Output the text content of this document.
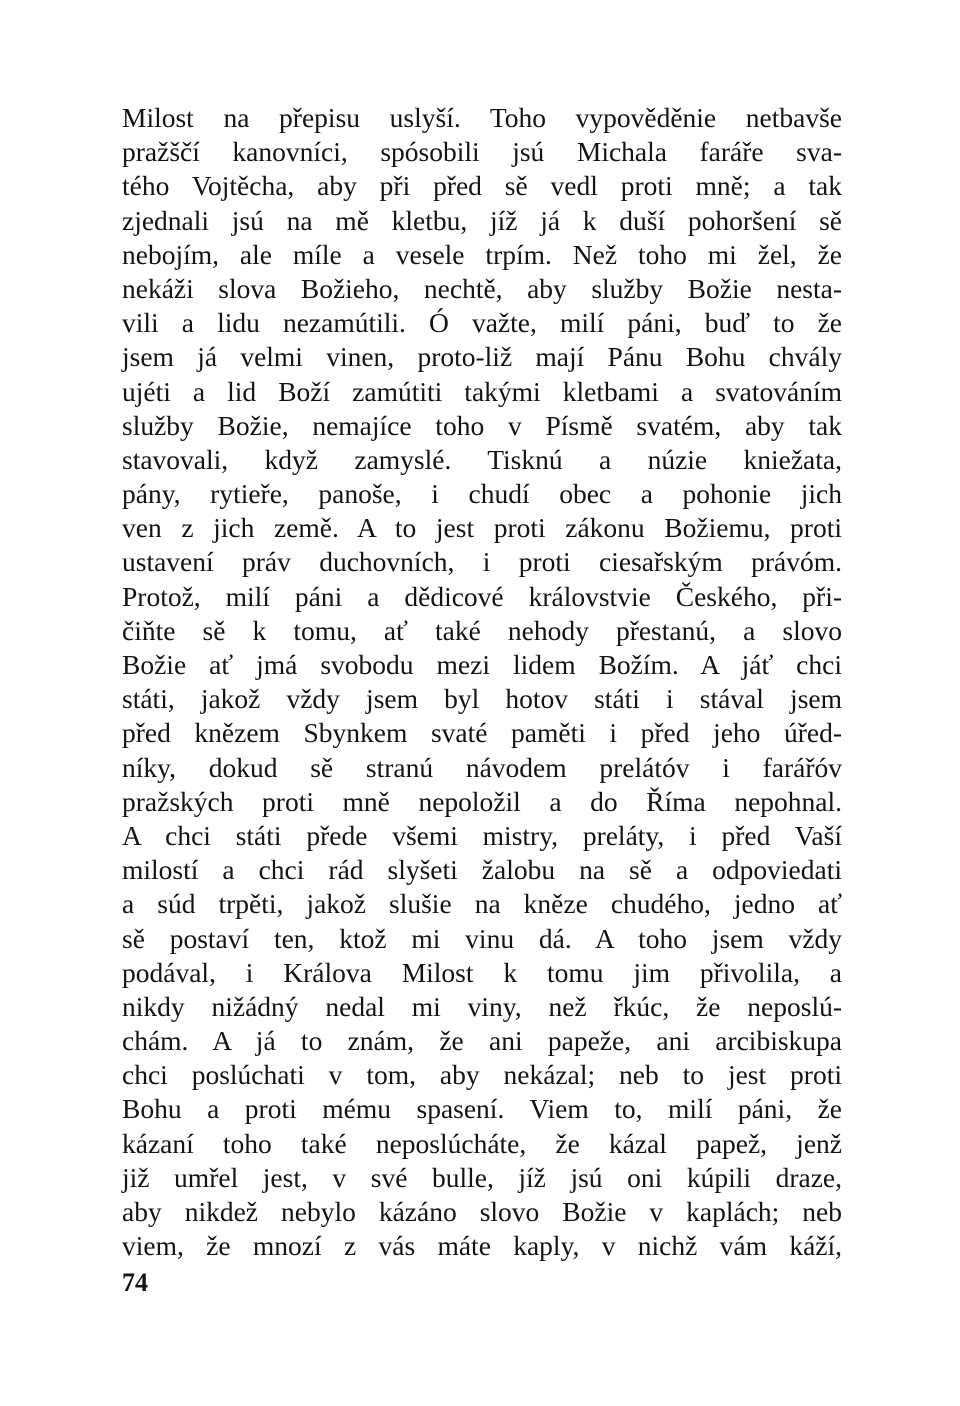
Milost na přepisu uslyší. Toho vypověděnie netbavše
pražščí kanovníci, spósobili jsú Michala faráře sva-
tého Vojtěcha, aby při před sě vedl proti mně; a tak
zjednali jsú na mě kletbu, jíž já k duší pohoršení sě
nebojím, ale míle a vesele trpím. Než toho mi žel, že
nekáži slova Božieho, nechtě, aby služby Božie nesta-
vili a lidu nezamútili. Ó važte, milí páni, buď to že
jsem já velmi vinen, proto-liž mají Pánu Bohu chvály
ujéti a lid Boží zamútiti takými kletbami a svatováním
služby Božie, nemajíce toho v Písmě svatém, aby tak
stavovali, když zamyslé. Tisknú a núzie kniežata,
pány, rytieře, panoše, i chudí obec a pohonie jich
ven z jich země. A to jest proti zákonu Božiemu, proti
ustavení práv duchovních, i proti ciesařským právóm.
Protož, milí páni a dědicové královstvie Českého, při-
čiňte sě k tomu, ať také nehody přestanú, a slovo
Božie ať jmá svobodu mezi lidem Božím. A jáť chci
státi, jakož vždy jsem byl hotov státi i stával jsem
před knězem Sbynkem svaté paměti i před jeho úřed-
níky, dokud sě stranú návodem prelátóv i farářóv
pražských proti mně nepoložil a do Říma nepohnal.
A chci státi přede všemi mistry, preláty, i před Vaší
milostí a chci rád slyšeti žalobu na sě a odpoviedati
a súd trpěti, jakož slušie na kněze chudého, jedno ať
sě postaví ten, ktož mi vinu dá. A toho jsem vždy
podával, i Králova Milost k tomu jim přivolila, a
nikdy nižádný nedal mi viny, než řkúc, že neposlú-
chám. A já to znám, že ani papeže, ani arcibiskupa
chci poslúchati v tom, aby nekázal; neb to jest proti
Bohu a proti mému spasení. Viem to, milí páni, že
kázaní toho také neposlúcháte, že kázal papež, jenž
již umřel jest, v své bulle, jíž jsú oni kúpili draze,
aby nikdež nebylo kázáno slovo Božie v kaplách; neb
viem, že mnozí z vás máte kaply, v nichž vám káží,
74
